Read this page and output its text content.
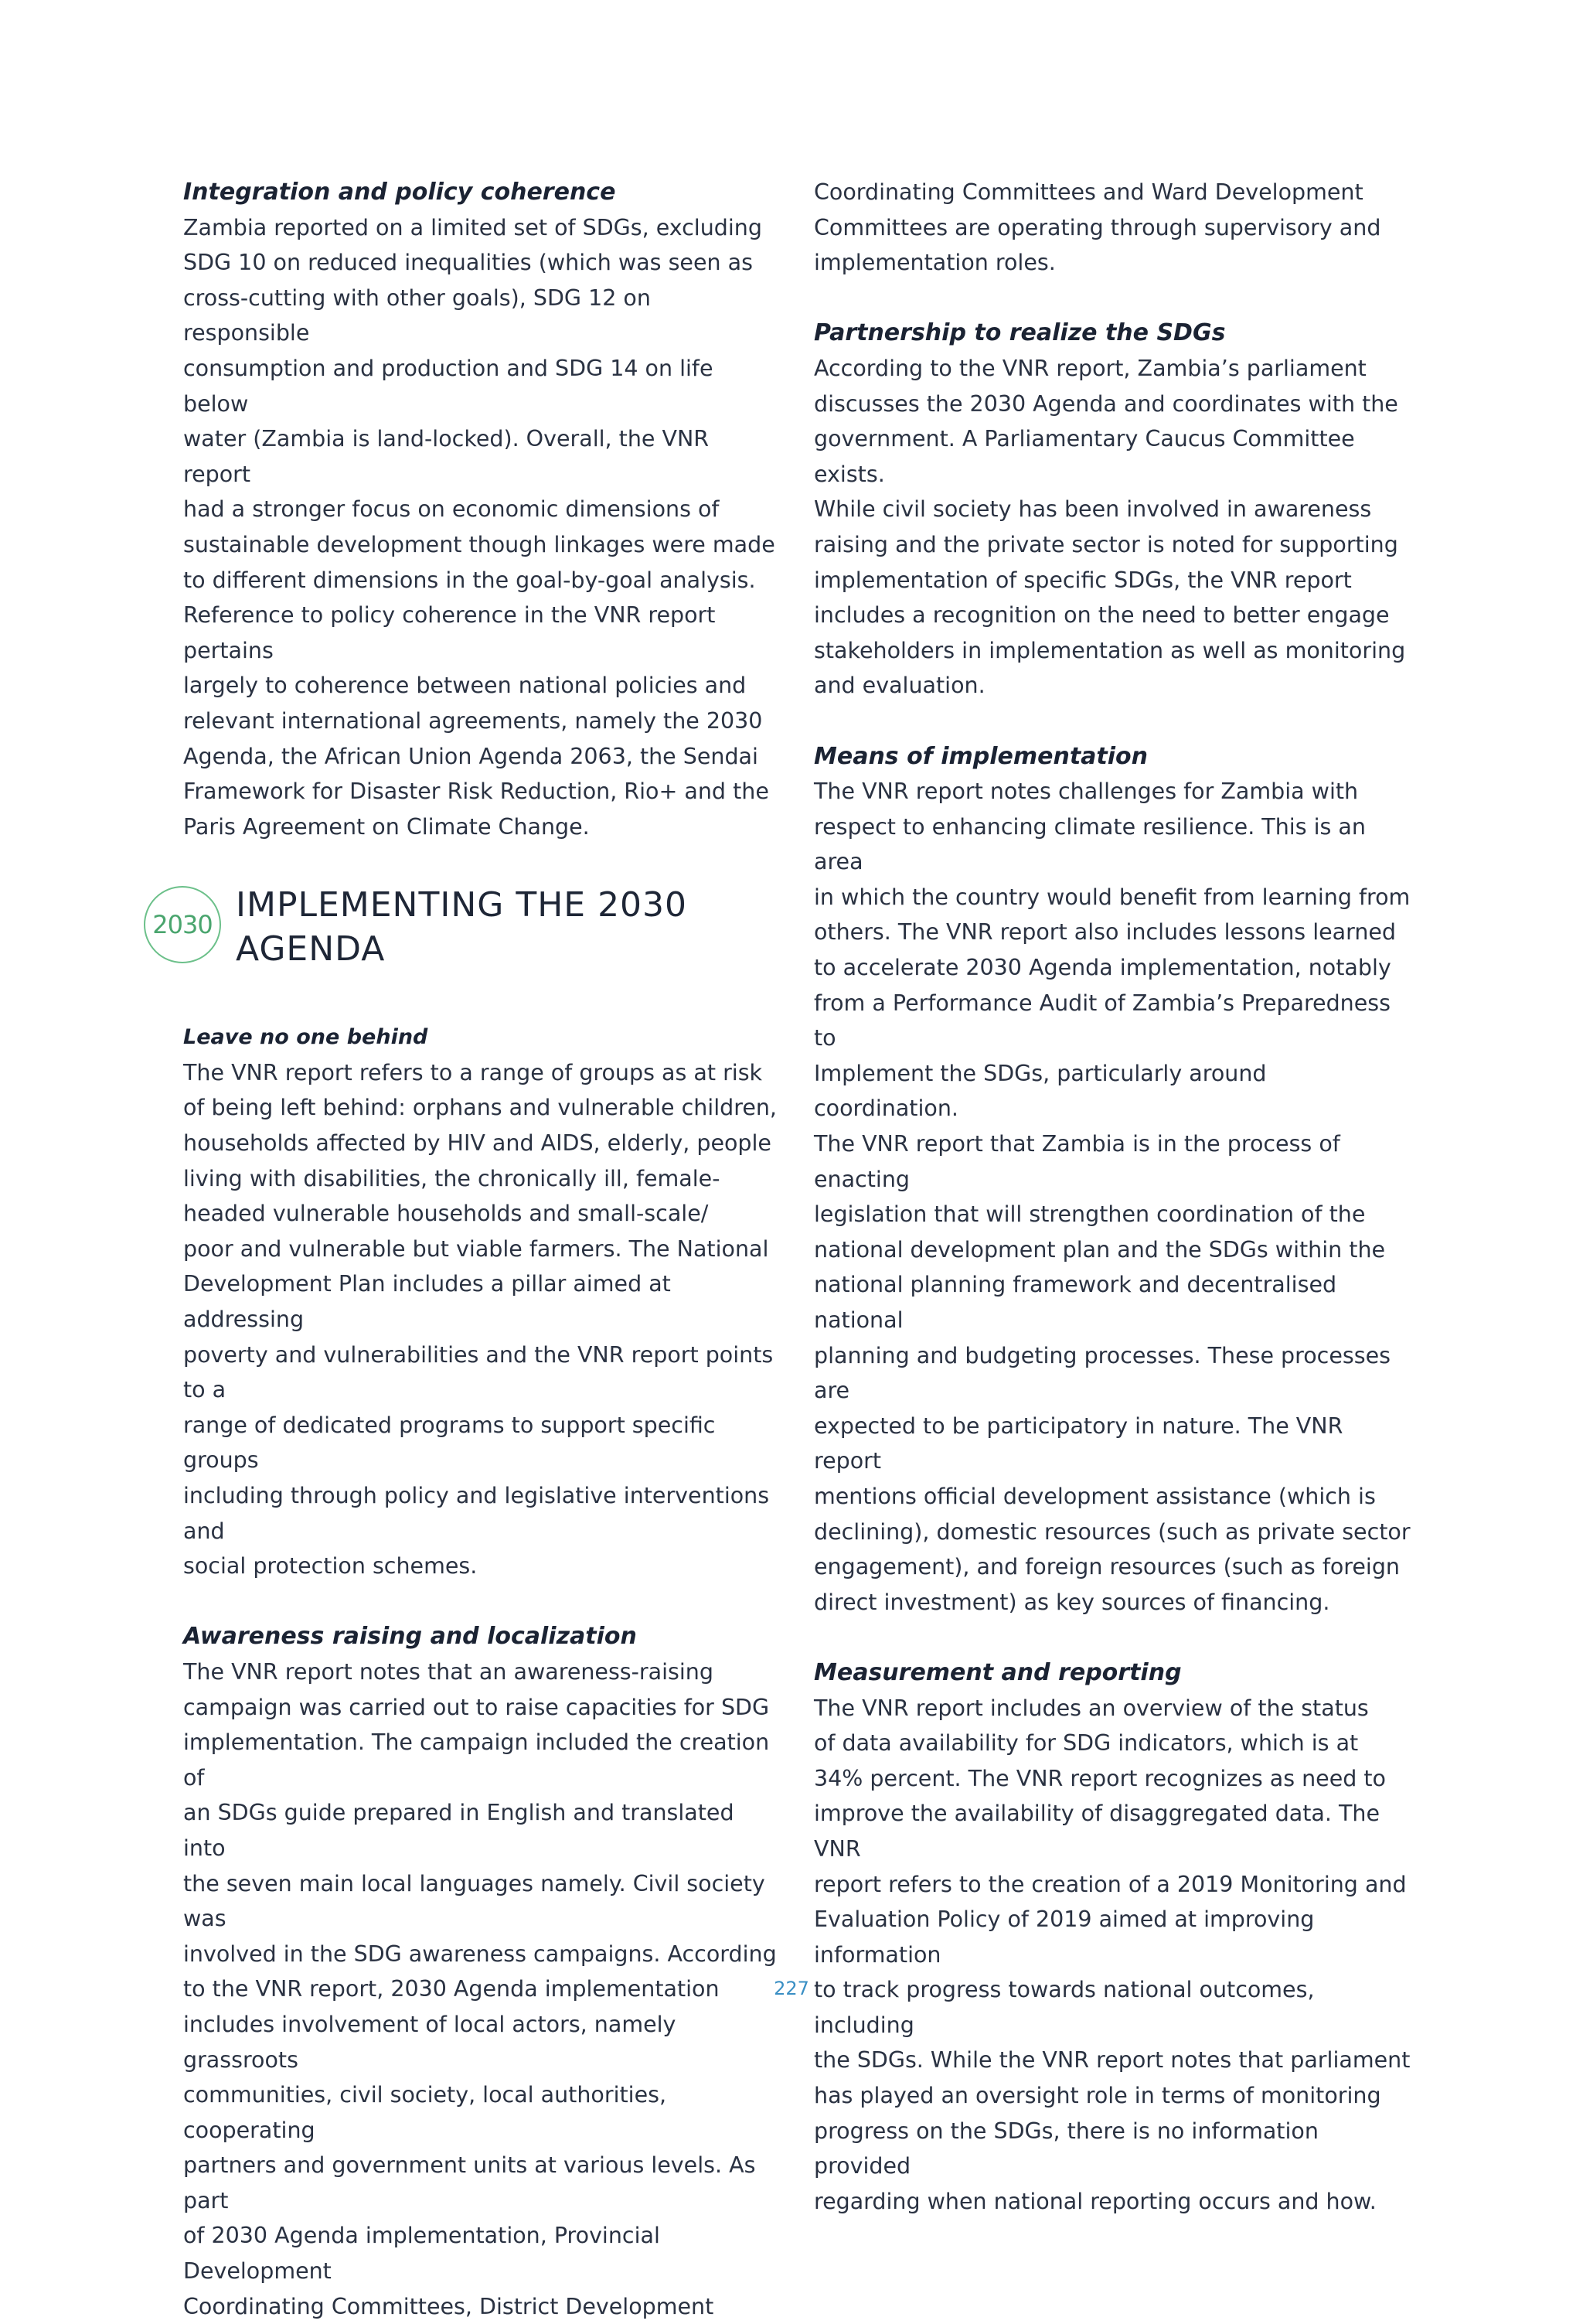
Integration and policy coherence

Zambia reported on a limited set of SDGs, excluding
SDG 10 on reduced inequalities (which was seen as
cross-cutting with other goals), SDG 12 on responsible
consumption and production and SDG 14 on life below
water (Zambia is land-locked). Overall, the VNR report
had a stronger focus on economic dimensions of
sustainable development though linkages were made
to different dimensions in the goal-by-goal analysis.
Reference to policy coherence in the VNR report pertains
largely to coherence between national policies and
relevant international agreements, namely the 2030
Agenda, the African Union Agenda 2063, the Sendai
Framework for Disaster Risk Reduction, Rio+ and the
Paris Agreement on Climate Change.

2030 IMPLEMENTING THE 2030
AGENDA
Leave no one behind

The VNR report refers to a range of groups as at risk
of being left behind: orphans and vulnerable children,
households affected by HIV and AIDS, elderly, people
living with disabilities, the chronically ill, female-
headed vulnerable households and small-scale/
poor and vulnerable but viable farmers. The National
Development Plan includes a pillar aimed at addressing
poverty and vulnerabilities and the VNR report points to a
range of dedicated programs to support specific groups
including through policy and legislative interventions and
social protection schemes.

Awareness raising and localization

The VNR report notes that an awareness-raising
campaign was carried out to raise capacities for SDG
implementation. The campaign included the creation of
an SDGs guide prepared in English and translated into
the seven main local languages namely. Civil society was
involved in the SDG awareness campaigns. According
to the VNR report, 2030 Agenda implementation
includes involvement of local actors, namely grassroots
communities, civil society, local authorities, cooperating
partners and government units at various levels. As part
of 2030 Agenda implementation, Provincial Development
Coordinating Committees, District Development

Coordinating Committees and Ward Development
Committees are operating through supervisory and
implementation roles.

Partnership to realize the SDGs

According to the VNR report, Zambia’s parliament
discusses the 2030 Agenda and coordinates with the
government. A Parliamentary Caucus Committee exists.
While civil society has been involved in awareness
raising and the private sector is noted for supporting
implementation of specific SDGs, the VNR report
includes a recognition on the need to better engage
stakeholders in implementation as well as monitoring
and evaluation.

Means of implementation

The VNR report notes challenges for Zambia with
respect to enhancing climate resilience. This is an area
in which the country would benefit from learning from
others. The VNR report also includes lessons learned
to accelerate 2030 Agenda implementation, notably
from a Performance Audit of Zambia’s Preparedness to
Implement the SDGs, particularly around coordination.
The VNR report that Zambia is in the process of enacting
legislation that will strengthen coordination of the
national development plan and the SDGs within the
national planning framework and decentralised national
planning and budgeting processes. These processes are
expected to be participatory in nature. The VNR report
mentions official development assistance (which is
declining), domestic resources (such as private sector
engagement), and foreign resources (such as foreign
direct investment) as key sources of financing.

Measurement and reporting

The VNR report includes an overview of the status
of data availability for SDG indicators, which is at
34% percent. The VNR report recognizes as need to
improve the availability of disaggregated data. The VNR
report refers to the creation of a 2019 Monitoring and
Evaluation Policy of 2019 aimed at improving information
to track progress towards national outcomes, including
the SDGs. While the VNR report notes that parliament
has played an oversight role in terms of monitoring
progress on the SDGs, there is no information provided
regarding when national reporting occurs and how.

227
